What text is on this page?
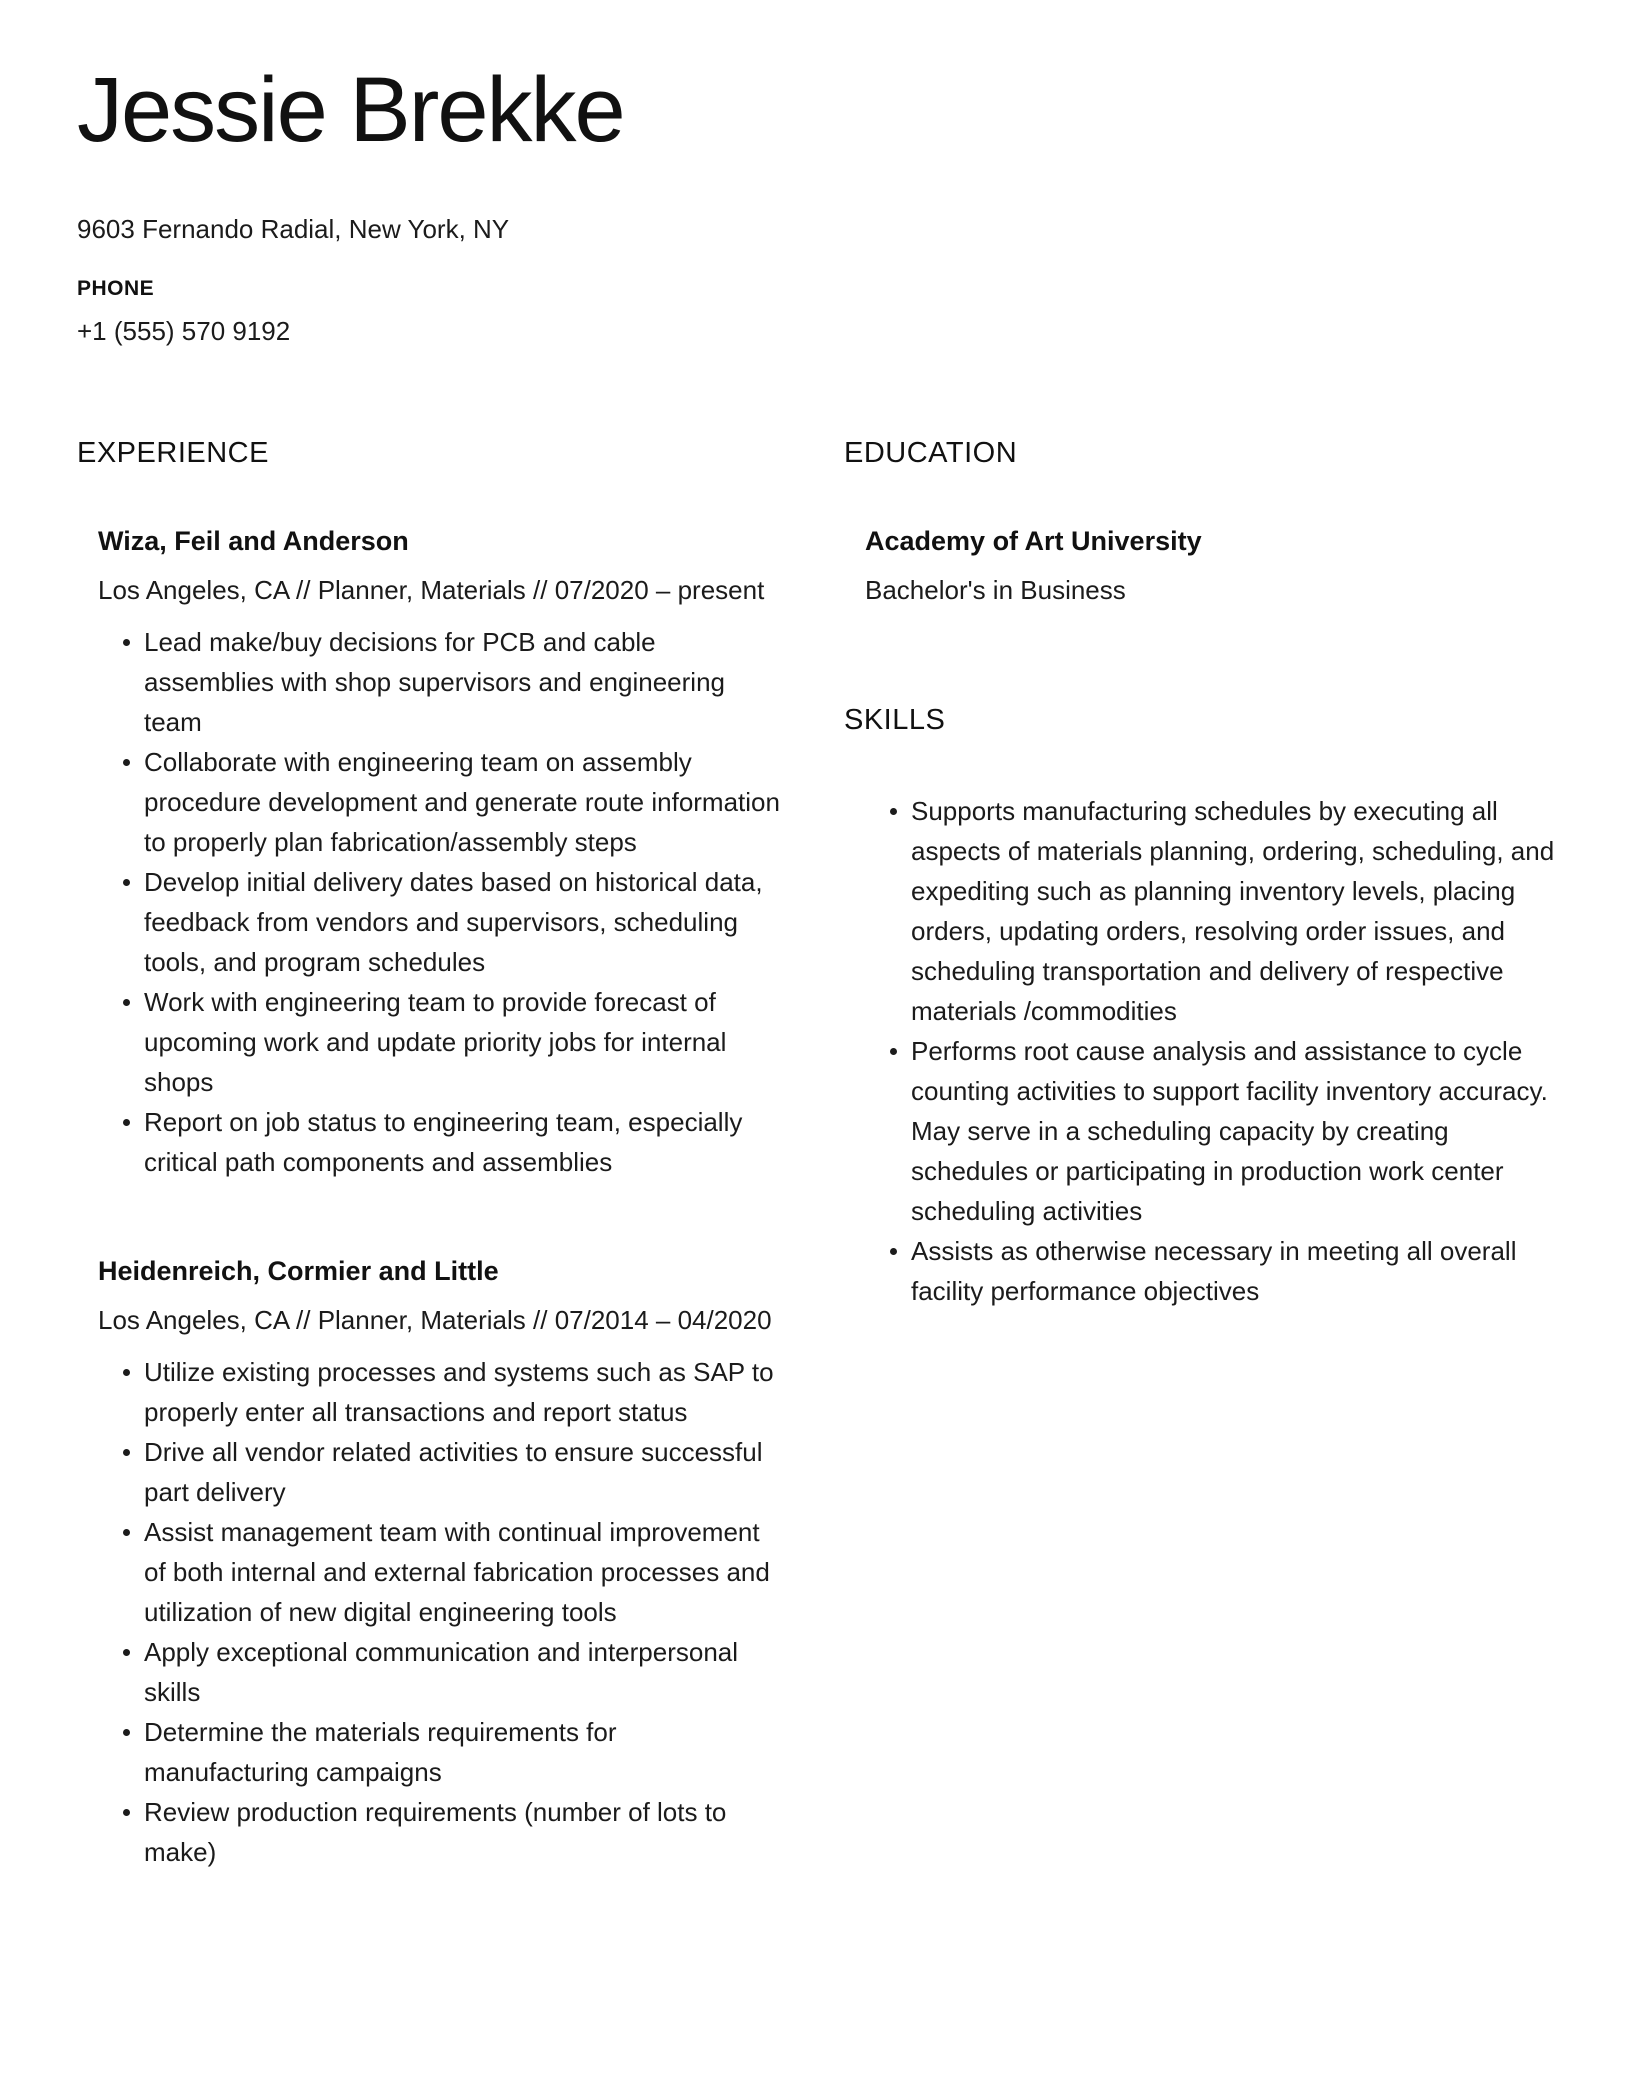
Jessie Brekke
9603 Fernando Radial, New York, NY
PHONE
+1 (555) 570 9192
EXPERIENCE
Wiza, Feil and Anderson
Los Angeles, CA // Planner, Materials // 07/2020 – present
Lead make/buy decisions for PCB and cable assemblies with shop supervisors and engineering team
Collaborate with engineering team on assembly procedure development and generate route information to properly plan fabrication/assembly steps
Develop initial delivery dates based on historical data, feedback from vendors and supervisors, scheduling tools, and program schedules
Work with engineering team to provide forecast of upcoming work and update priority jobs for internal shops
Report on job status to engineering team, especially critical path components and assemblies
Heidenreich, Cormier and Little
Los Angeles, CA // Planner, Materials // 07/2014 – 04/2020
Utilize existing processes and systems such as SAP to properly enter all transactions and report status
Drive all vendor related activities to ensure successful part delivery
Assist management team with continual improvement of both internal and external fabrication processes and utilization of new digital engineering tools
Apply exceptional communication and interpersonal skills
Determine the materials requirements for manufacturing campaigns
Review production requirements (number of lots to make)
EDUCATION
Academy of Art University
Bachelor's in Business
SKILLS
Supports manufacturing schedules by executing all aspects of materials planning, ordering, scheduling, and expediting such as planning inventory levels, placing orders, updating orders, resolving order issues, and scheduling transportation and delivery of respective materials /commodities
Performs root cause analysis and assistance to cycle counting activities to support facility inventory accuracy. May serve in a scheduling capacity by creating schedules or participating in production work center scheduling activities
Assists as otherwise necessary in meeting all overall facility performance objectives
